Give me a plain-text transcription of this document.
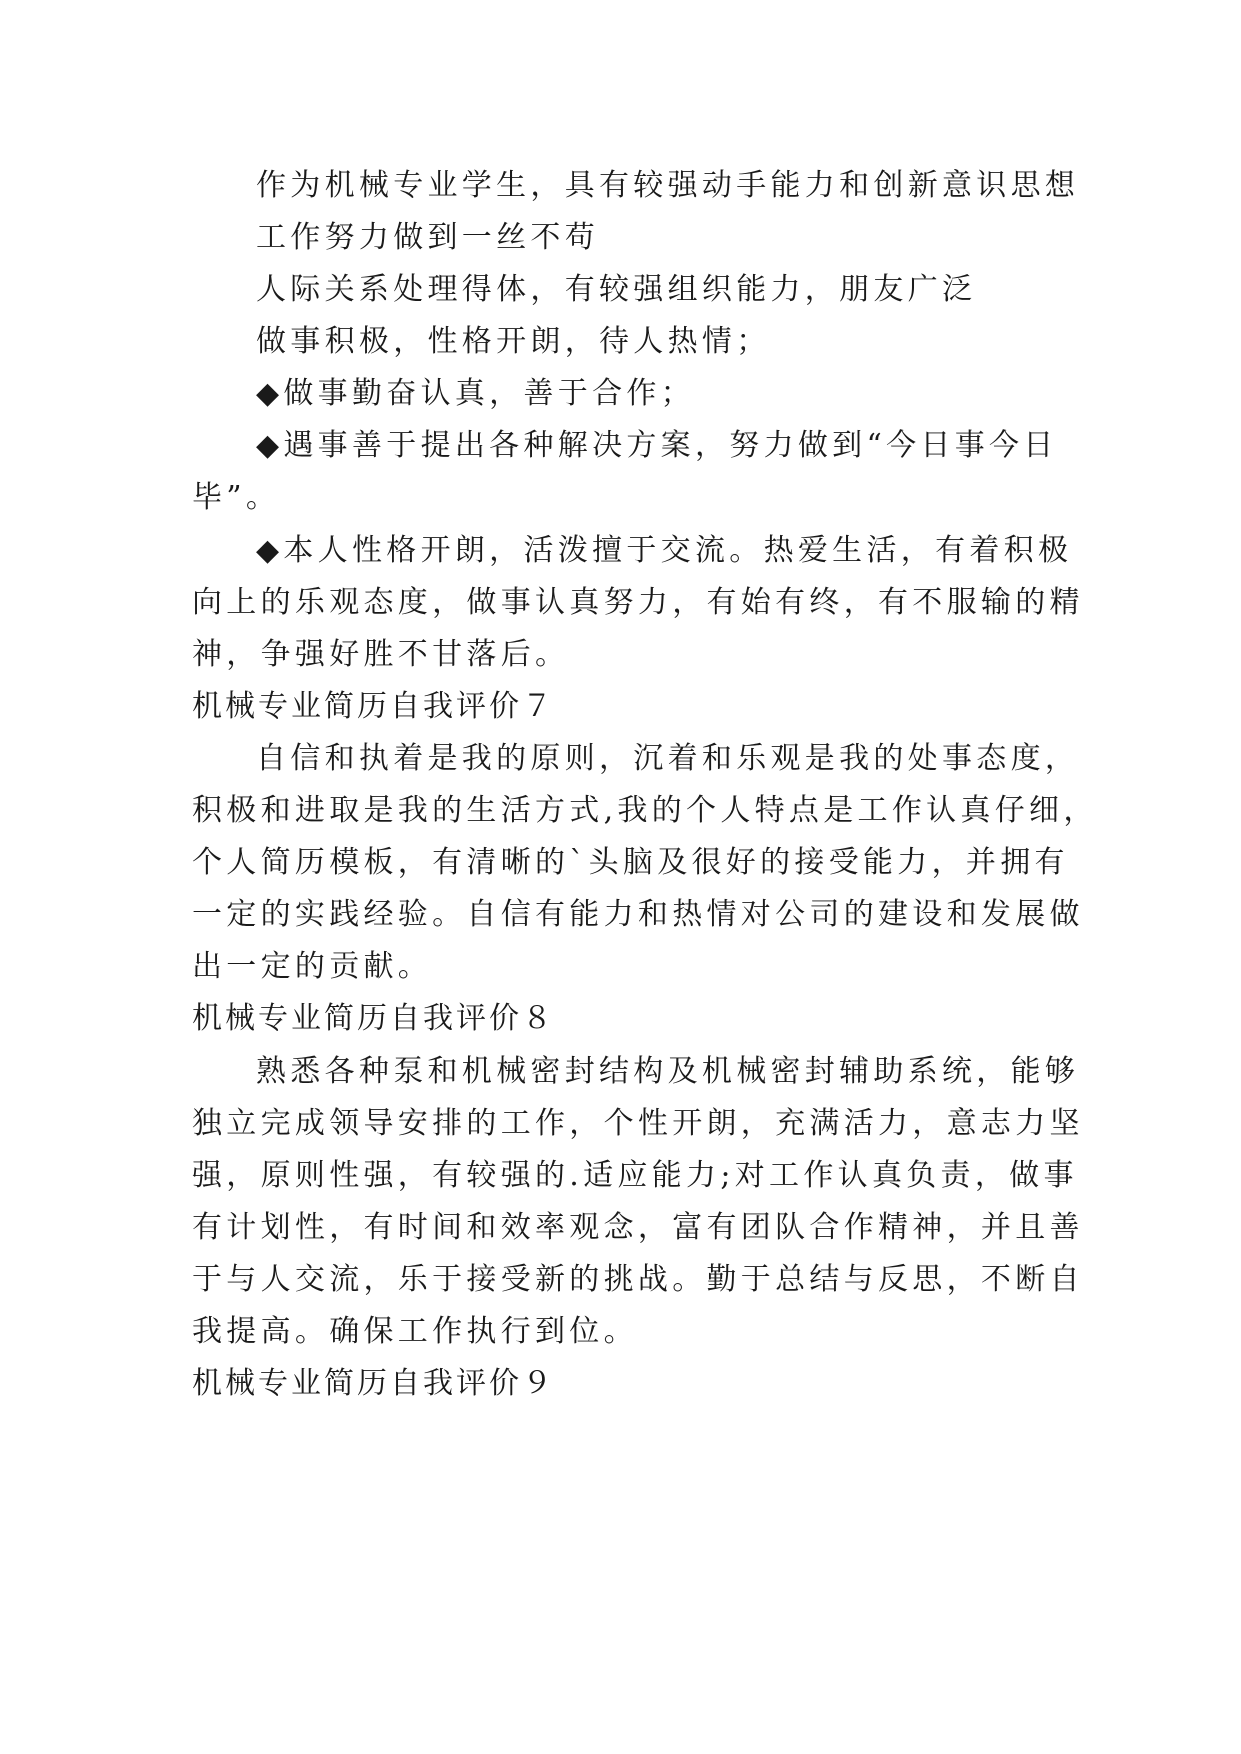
作为机械专业学生，具有较强动手能力和创新意识思想
工作努力做到一丝不苟
人际关系处理得体，有较强组织能力，朋友广泛
做事积极，性格开朗，待人热情；
◆做事勤奋认真，善于合作；
◆遇事善于提出各种解决方案，努力做到“今日事今日
毕”。
◆本人性格开朗，活泼擅于交流。热爱生活，有着积极
向上的乐观态度，做事认真努力，有始有终，有不服输的精
神，争强好胜不甘落后。
机械专业简历自我评价７
自信和执着是我的原则，沉着和乐观是我的处事态度，
积极和进取是我的生活方式,我的个人特点是工作认真仔细，
个人简历模板，有清晰的`头脑及很好的接受能力，并拥有
一定的实践经验。自信有能力和热情对公司的建设和发展做
出一定的贡献。
机械专业简历自我评价８
熟悉各种泵和机械密封结构及机械密封辅助系统，能够
独立完成领导安排的工作，个性开朗，充满活力，意志力坚
强，原则性强，有较强的.适应能力;对工作认真负责，做事
有计划性，有时间和效率观念，富有团队合作精神，并且善
于与人交流，乐于接受新的挑战。勤于总结与反思，不断自
我提高。确保工作执行到位。
机械专业简历自我评价９
